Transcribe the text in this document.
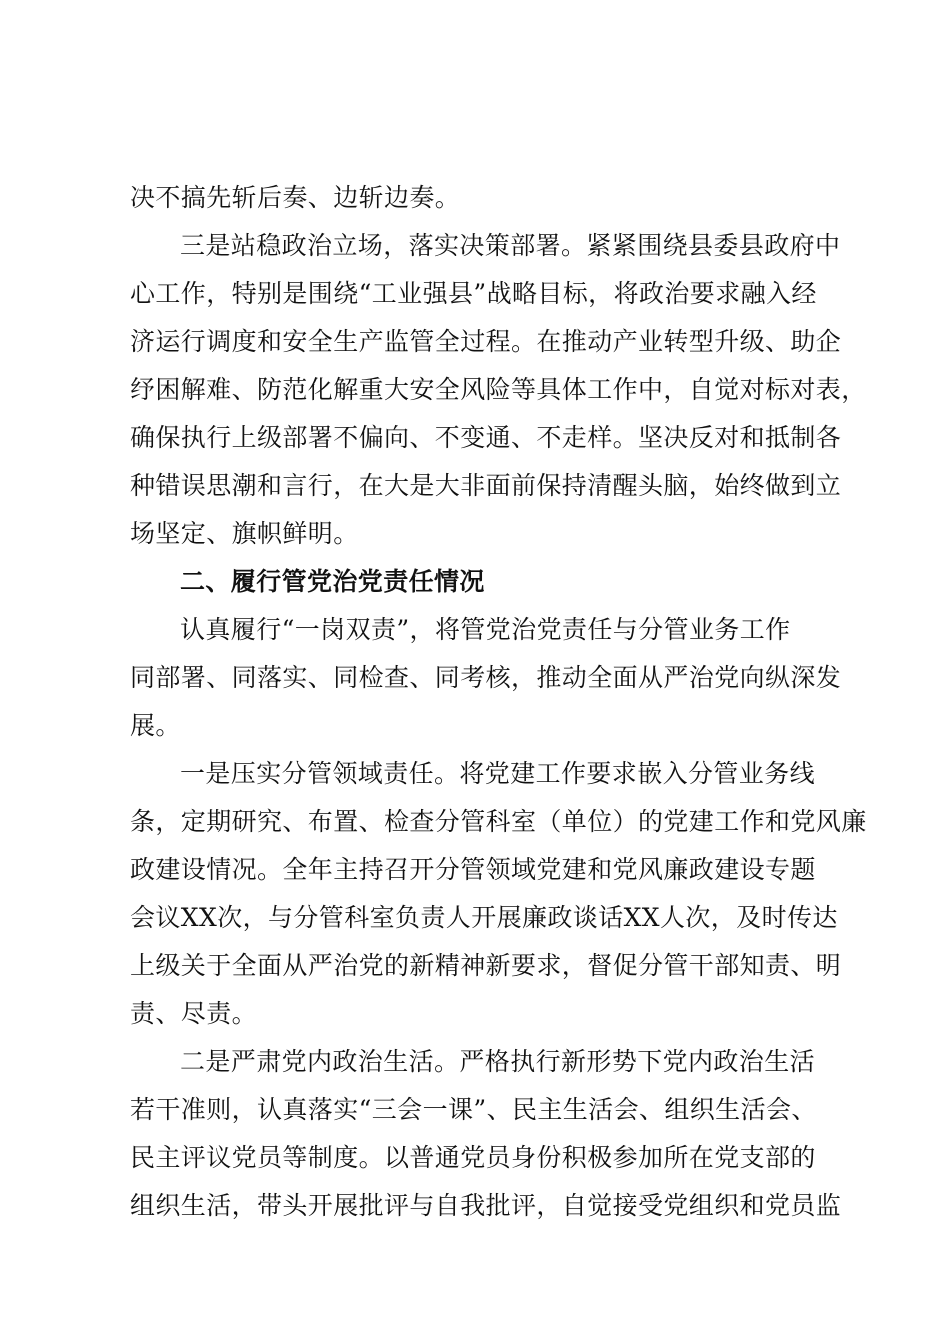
决不搞先斩后奏、边斩边奏。
三是站稳政治立场，落实决策部署。紧紧围绕县委县政府中
心工作，特别是围绕“工业强县”战略目标，将政治要求融入经
济运行调度和安全生产监管全过程。在推动产业转型升级、助企
纾困解难、防范化解重大安全风险等具体工作中，自觉对标对表，
确保执行上级部署不偏向、不变通、不走样。坚决反对和抵制各
种错误思潮和言行，在大是大非面前保持清醒头脑，始终做到立
场坚定、旗帜鲜明。
二、履行管党治党责任情况
认真履行“一岗双责”，将管党治党责任与分管业务工作
同部署、同落实、同检查、同考核，推动全面从严治党向纵深发
展。
一是压实分管领域责任。将党建工作要求嵌入分管业务线
条，定期研究、布置、检查分管科室（单位）的党建工作和党风廉
政建设情况。全年主持召开分管领域党建和党风廉政建设专题
会议XX次，与分管科室负责人开展廉政谈话XX人次，及时传达
上级关于全面从严治党的新精神新要求，督促分管干部知责、明
责、尽责。
二是严肃党内政治生活。严格执行新形势下党内政治生活
若干准则，认真落实“三会一课”、民主生活会、组织生活会、
民主评议党员等制度。以普通党员身份积极参加所在党支部的
组织生活，带头开展批评与自我批评，自觉接受党组织和党员监
